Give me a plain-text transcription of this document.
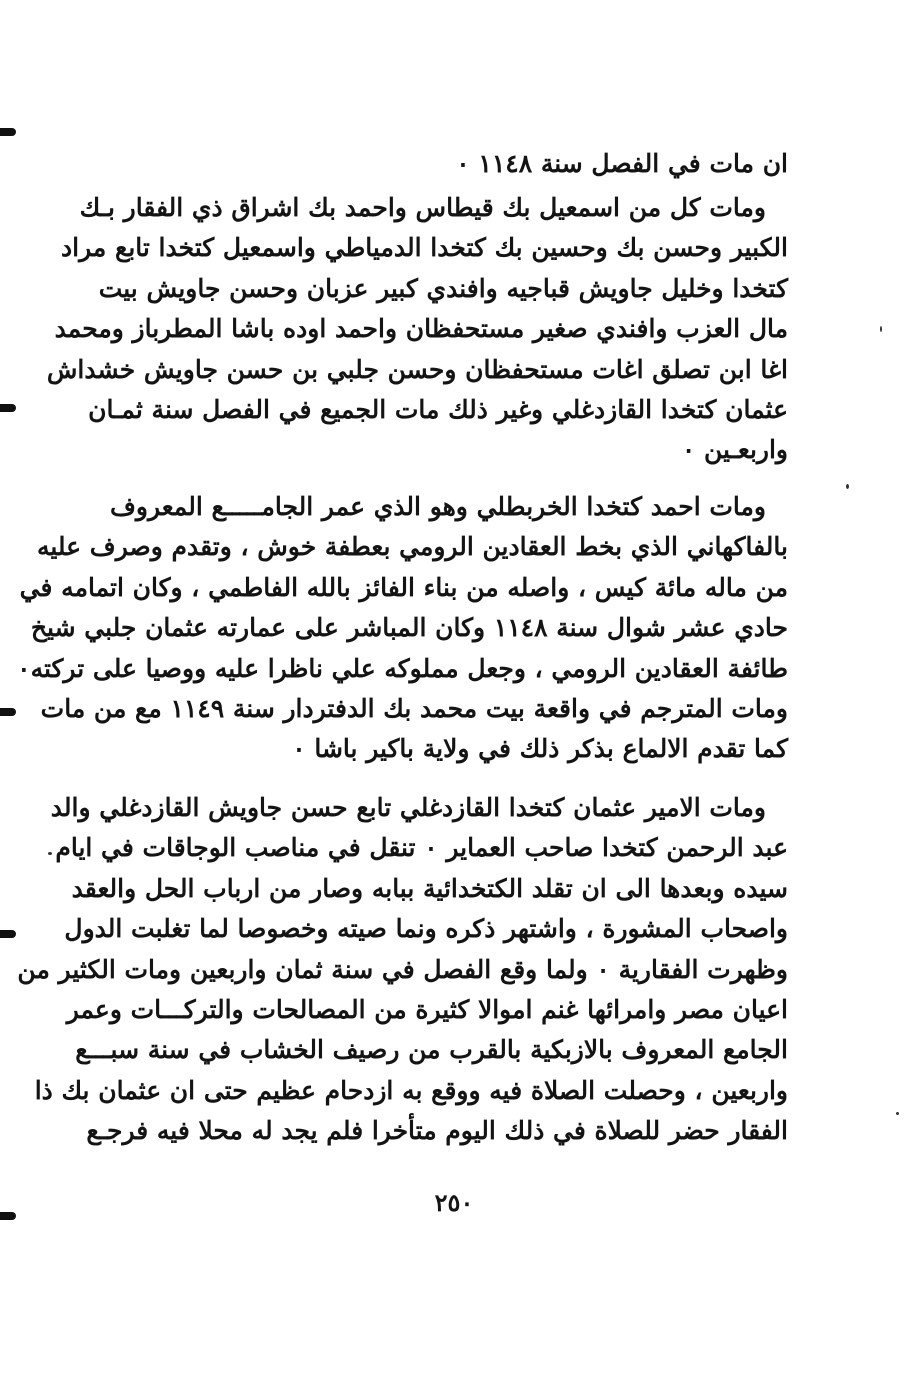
ان مات في الفصل سنة ١١٤٨ ٠
ومات كل من اسمعيل بك قيطاس واحمد بك اشراق ذي الفقار بـك
الكبير وحسن بك وحسين بك كتخدا الدمياطي واسمعيل كتخدا تابع مراد
كتخدا وخليل جاويش قباجيه وافندي كبير عزبان وحسن جاويش بيت
مال العزب وافندي صغير مستحفظان واحمد اوده باشا المطرباز ومحمد
اغا ابن تصلق اغات مستحفظان وحسن جلبي بن حسن جاويش خشداش
عثمان كتخدا القازدغلي وغير ذلك مات الجميع في الفصل سنة ثمـان
واربعـين ٠
ومات احمد كتخدا الخربطلي وهو الذي عمر الجامـــــع المعروف
بالفاكهاني الذي بخط العقادين الرومي بعطفة خوش ، وتقدم وصرف عليه
من ماله مائة كيس ، واصله من بناء الفائز بالله الفاطمي ، وكان اتمامه في
حادي عشر شوال سنة ١١٤٨ وكان المباشر على عمارته عثمان جلبي شيخ
طائفة العقادين الرومي ، وجعل مملوكه علي ناظرا عليه ووصيا على تركته٠
ومات المترجم في واقعة بيت محمد بك الدفتردار سنة ١١٤٩ مع من مات
كما تقدم الالماع بذكر ذلك في ولاية باكير باشا ٠
ومات الامير عثمان كتخدا القازدغلي تابع حسن جاويش القازدغلي والد
عبد الرحمن كتخدا صاحب العماير ٠ تنقل في مناصب الوجاقات في ايام
سيده وبعدها الى ان تقلد الكتخدائية ببابه وصار من ارباب الحل والعقد
واصحاب المشورة ، واشتهر ذكره ونما صيته وخصوصا لما تغلبت الدول
وظهرت الفقارية ٠ ولما وقع الفصل في سنة ثمان واربعين ومات الكثير من
اعيان مصر وامرائها غنم اموالا كثيرة من المصالحات والتركـــات وعمر
الجامع المعروف بالازبكية بالقرب من رصيف الخشاب في سنة سبـــع
واربعين ، وحصلت الصلاة فيه ووقع به ازدحام عظيم حتى ان عثمان بك ذا
الفقار حضر للصلاة في ذلك اليوم متأخرا فلم يجد له محلا فيه فرجـع
٢٥٠
